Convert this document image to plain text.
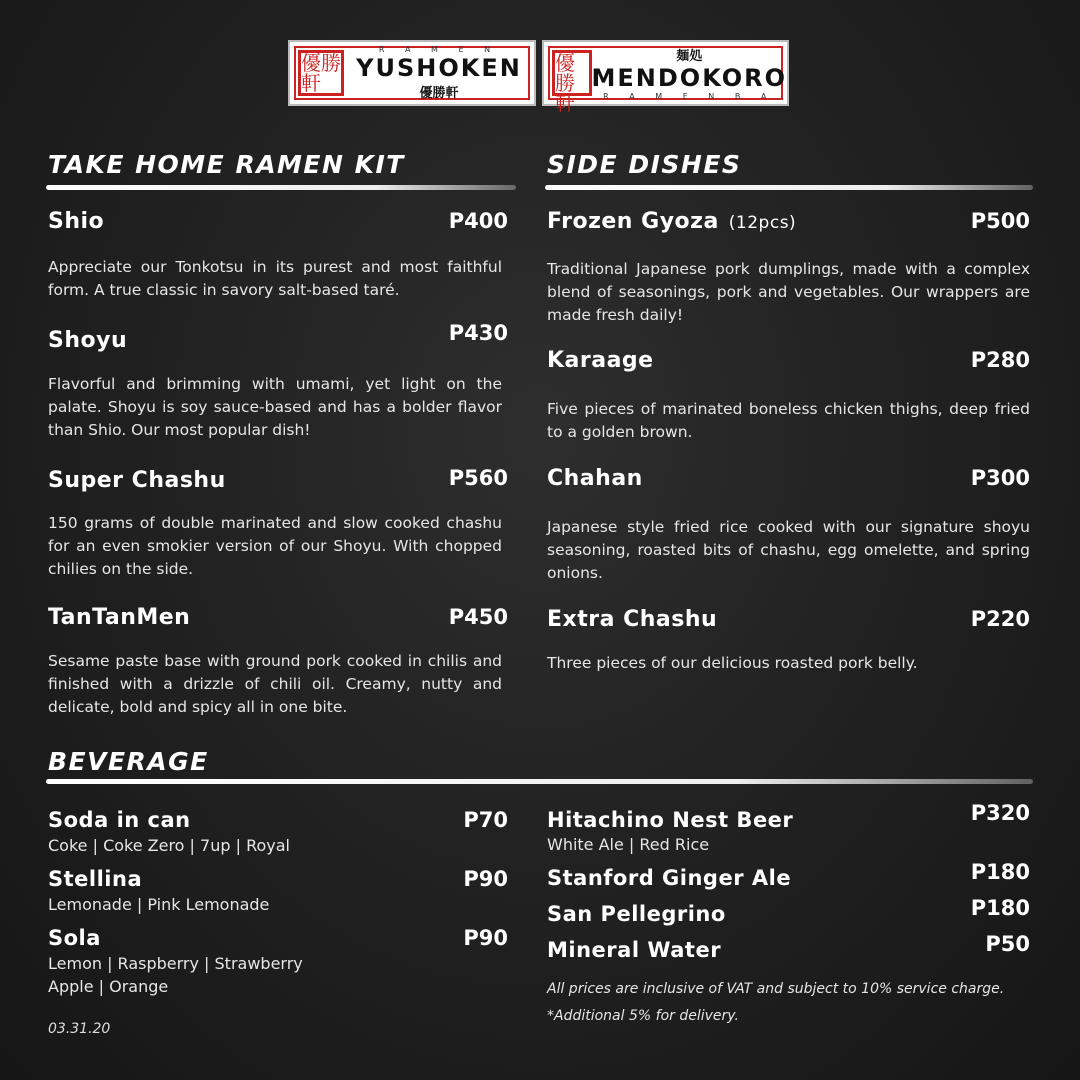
優勝軒
R A M E N
YUSHOKEN
優勝軒
優勝軒
麺処
MENDOKORO
R A M E N B A
TAKE HOME RAMEN KIT
Shio	P400
Appreciate our Tonkotsu in its purest and most faithful form. A true classic in savory salt-based taré.
Shoyu	P430
Flavorful and brimming with umami, yet light on the palate. Shoyu is soy sauce-based and has a bolder flavor than Shio. Our most popular dish!
Super Chashu	P560
150 grams of double marinated and slow cooked chashu for an even smokier version of our Shoyu. With chopped chilies on the side.
TanTanMen	P450
Sesame paste base with ground pork cooked in chilis and finished with a drizzle of chili oil. Creamy, nutty and delicate, bold and spicy all in one bite.
SIDE DISHES
Frozen Gyoza (12pcs)	P500
Traditional Japanese pork dumplings, made with a complex blend of seasonings, pork and vegetables. Our wrappers are made fresh daily!
Karaage	P280
Five pieces of marinated boneless chicken thighs, deep fried to a golden brown.
Chahan	P300
Japanese style fried rice cooked with our signature shoyu seasoning, roasted bits of chashu, egg omelette, and spring onions.
Extra Chashu	P220
Three pieces of our delicious roasted pork belly.
BEVERAGE
Soda in can	P70
Coke | Coke Zero | 7up | Royal
Stellina	P90
Lemonade | Pink Lemonade
Sola	P90
Lemon | Raspberry | Strawberry
Apple | Orange
Hitachino Nest Beer	P320
White Ale | Red Rice
Stanford Ginger Ale	P180
San Pellegrino	P180
Mineral Water	P50
All prices are inclusive of VAT and subject to 10% service charge.
*Additional 5% for delivery.
03.31.20
